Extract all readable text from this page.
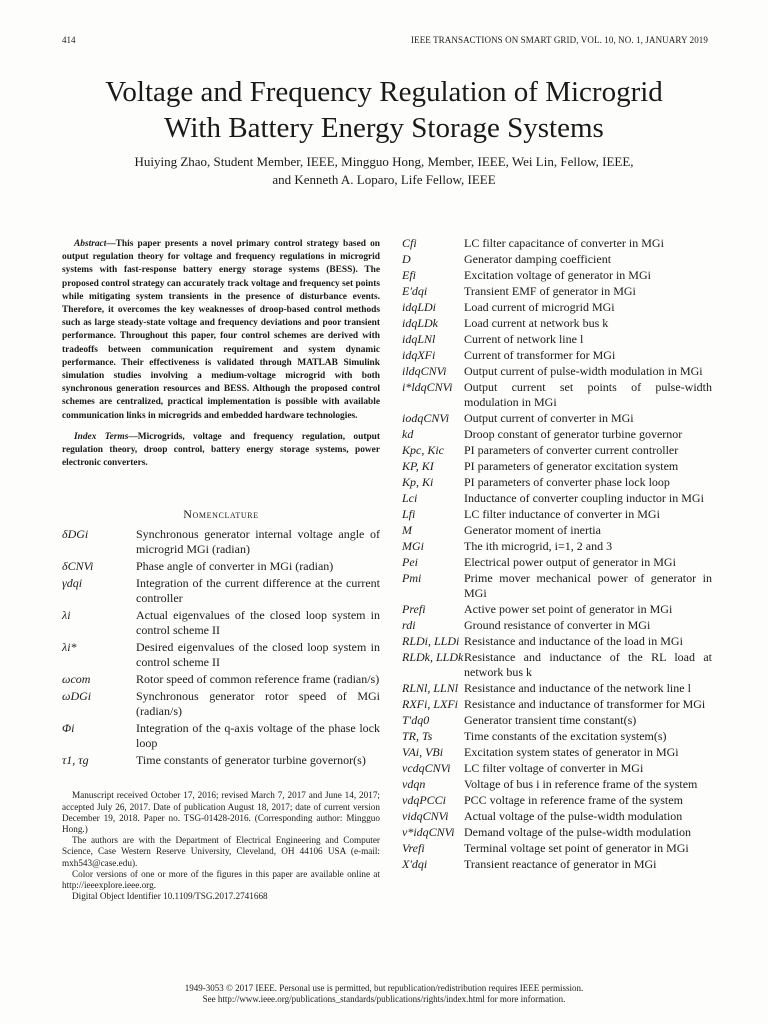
414	IEEE TRANSACTIONS ON SMART GRID, VOL. 10, NO. 1, JANUARY 2019
Voltage and Frequency Regulation of Microgrid
With Battery Energy Storage Systems
Huiying Zhao, Student Member, IEEE, Mingguo Hong, Member, IEEE, Wei Lin, Fellow, IEEE,
and Kenneth A. Loparo, Life Fellow, IEEE

Abstract—This paper presents a novel primary control strategy based on output regulation theory for voltage and frequency regulations in microgrid systems with fast-response battery energy storage systems (BESS). The proposed control strategy can accurately track voltage and frequency set points while mitigating system transients in the presence of disturbance events. Therefore, it overcomes the key weaknesses of droop-based control methods such as large steady-state voltage and frequency deviations and poor transient performance. Throughout this paper, four control schemes are derived with tradeoffs between communication requirement and system dynamic performance. Their effectiveness is validated through MATLAB Simulink simulation studies involving a medium-voltage microgrid with both synchronous generation resources and BESS. Although the proposed control schemes are centralized, practical implementation is possible with available communication links in microgrids and embedded hardware technologies.

Index Terms—Microgrids, voltage and frequency regulation, output regulation theory, droop control, battery energy storage systems, power electronic converters.

Nomenclature
δDGi	Synchronous generator internal voltage angle of microgrid MGi (radian)
δCNVi	Phase angle of converter in MGi (radian)
γdqi	Integration of the current difference at the current controller
λi	Actual eigenvalues of the closed loop system in control scheme II
λi*	Desired eigenvalues of the closed loop system in control scheme II
ωcom	Rotor speed of common reference frame (radian/s)
ωDGi	Synchronous generator rotor speed of MGi (radian/s)
Φi	Integration of the q-axis voltage of the phase lock loop
τ1, τg	Time constants of generator turbine governor(s)

Manuscript received October 17, 2016; revised March 7, 2017 and June 14, 2017; accepted July 26, 2017. Date of publication August 18, 2017; date of current version December 19, 2018. Paper no. TSG-01428-2016. (Corresponding author: Mingguo Hong.)

The authors are with the Department of Electrical Engineering and Computer Science, Case Western Reserve University, Cleveland, OH 44106 USA (e-mail: mxh543@case.edu).

Color versions of one or more of the figures in this paper are available online at http://ieeexplore.ieee.org.

Digital Object Identifier 10.1109/TSG.2017.2741668

Cfi	LC filter capacitance of converter in MGi
D	Generator damping coefficient
Efi	Excitation voltage of generator in MGi
E'dqi	Transient EMF of generator in MGi
idqLDi	Load current of microgrid MGi
idqLDk	Load current at network bus k
idqLNl	Current of network line l
idqXFi	Current of transformer for MGi
ildqCNVi	Output current of pulse-width modulation in MGi
i*ldqCNVi Output current set points of pulse-width modulation in MGi
iodqCNVi	Output current of converter in MGi
kd	Droop constant of generator turbine governor
Kpc, Kic	PI parameters of converter current controller
KP, KI	PI parameters of generator excitation system
Kp, Ki	PI parameters of converter phase lock loop
Lci	Inductance of converter coupling inductor in MGi
Lfi	LC filter inductance of converter in MGi
M	Generator moment of inertia
MGi	The ith microgrid, i=1, 2 and 3
Pei	Electrical power output of generator in MGi
Pmi	Prime mover mechanical power of generator in MGi
Prefi	Active power set point of generator in MGi
rdi	Ground resistance of converter in MGi
RLDi, LLDi Resistance and inductance of the load in MGi
RLDk, LLDk Resistance and inductance of the RL load at network bus k
RLNl, LLNl Resistance and inductance of the network line l
RXFi, LXFi Resistance and inductance of transformer for MGi
T'dq0	Generator transient time constant(s)
TR, Ts	Time constants of the excitation system(s)
VAi, VBi	Excitation system states of generator in MGi
vcdqCNVi	LC filter voltage of converter in MGi
vdqn	Voltage of bus i in reference frame of the system
vdqPCCi	PCC voltage in reference frame of the system
vidqCNVi	Actual voltage of the pulse-width modulation
v*idqCNVi Demand voltage of the pulse-width modulation
Vrefi	Terminal voltage set point of generator in MGi
X'dqi	Transient reactance of generator in MGi
1949-3053 © 2017 IEEE. Personal use is permitted, but republication/redistribution requires IEEE permission.
See http://www.ieee.org/publications_standards/publications/rights/index.html for more information.
